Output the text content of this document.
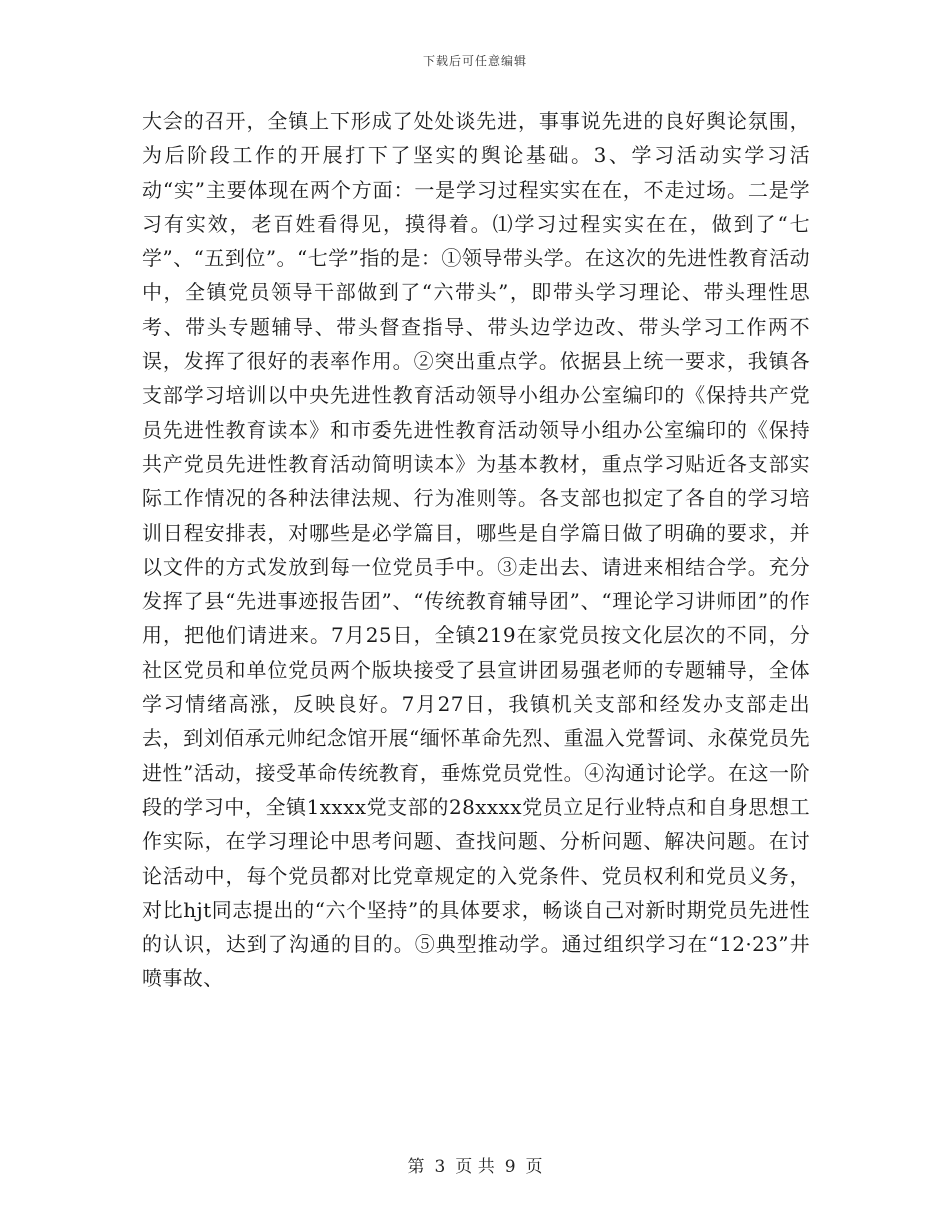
下载后可任意编辑

大会的召开，全镇上下形成了处处谈先进，事事说先进的良好舆论氛围，为后阶段工作的开展打下了坚实的舆论基础。3、学习活动实学习活动“实”主要体现在两个方面：一是学习过程实实在在，不走过场。二是学习有实效，老百姓看得见，摸得着。⑴学习过程实实在在，做到了“七学”、“五到位”。“七学”指的是：①领导带头学。在这次的先进性教育活动中，全镇党员领导干部做到了“六带头”，即带头学习理论、带头理性思考、带头专题辅导、带头督查指导、带头边学边改、带头学习工作两不误，发挥了很好的表率作用。②突出重点学。依据县上统一要求，我镇各支部学习培训以中央先进性教育活动领导小组办公室编印的《保持共产党员先进性教育读本》和市委先进性教育活动领导小组办公室编印的《保持共产党员先进性教育活动简明读本》为基本教材，重点学习贴近各支部实际工作情况的各种法律法规、行为准则等。各支部也拟定了各自的学习培训日程安排表，对哪些是必学篇目，哪些是自学篇日做了明确的要求，并以文件的方式发放到每一位党员手中。③走出去、请进来相结合学。充分发挥了县“先进事迹报告团”、“传统教育辅导团”、“理论学习讲师团”的作用，把他们请进来。7月25日，全镇219在家党员按文化层次的不同，分社区党员和单位党员两个版块接受了县宣讲团易强老师的专题辅导，全体学习情绪高涨，反映良好。7月27日，我镇机关支部和经发办支部走出去，到刘佰承元帅纪念馆开展“缅怀革命先烈、重温入党誓词、永葆党员先进性”活动，接受革命传统教育，垂炼党员党性。④沟通讨论学。在这一阶段的学习中，全镇1xxxx党支部的28xxxx党员立足行业特点和自身思想工作实际，在学习理论中思考问题、查找问题、分析问题、解决问题。在讨论活动中，每个党员都对比党章规定的入党条件、党员权利和党员义务，对比hjt同志提出的“六个坚持”的具体要求，畅谈自己对新时期党员先进性的认识，达到了沟通的目的。⑤典型推动学。通过组织学习在“12·23”井喷事故、

第 3 页 共 9 页
